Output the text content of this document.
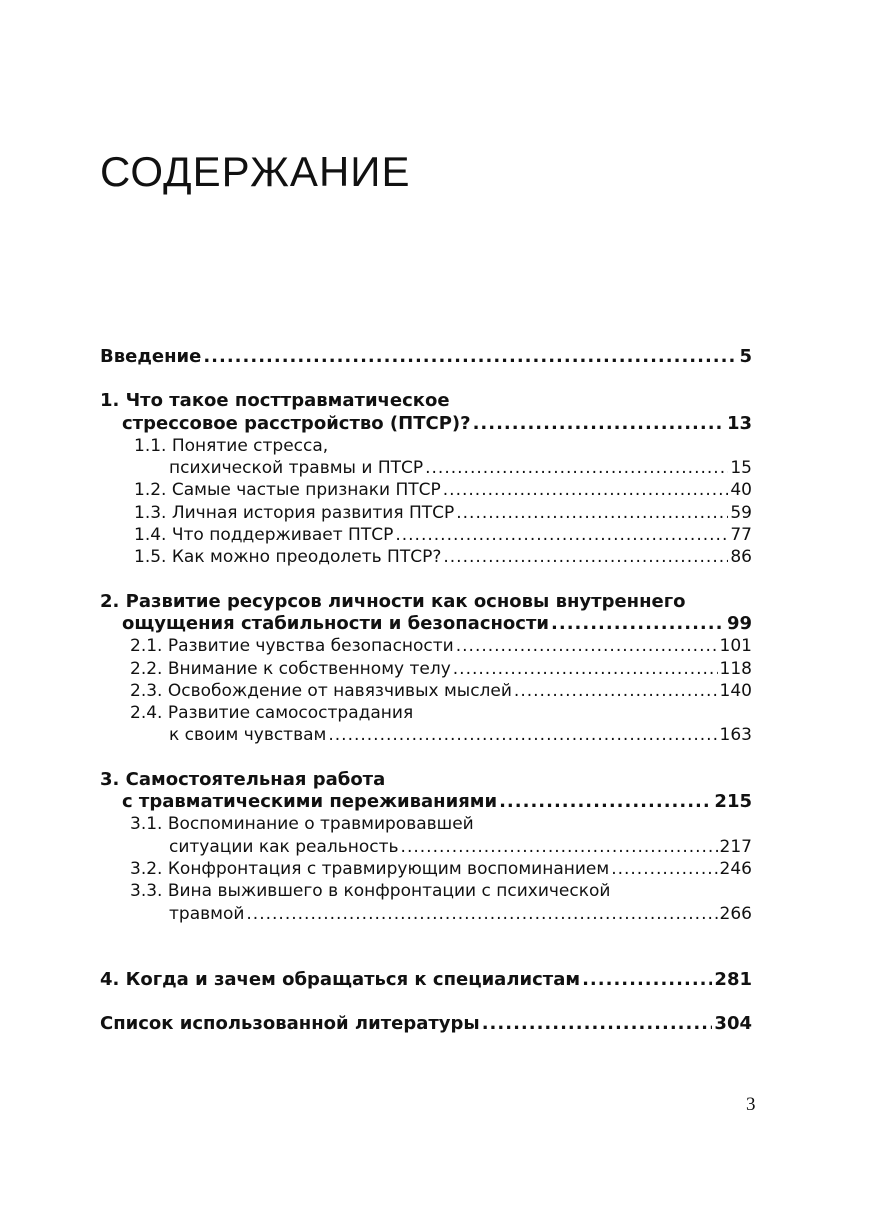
СОДЕРЖАНИЕ
Введение .....	5
1. Что такое посттравматическое
стрессовое расстройство (ПТСР)? .....	13
1.1. Понятие стресса,
психической травмы и ПТСР .....	15
1.2. Самые частые признаки ПТСР .....	40
1.3. Личная история развития ПТСР .....	59
1.4. Что поддерживает ПТСР .....	77
1.5. Как можно преодолеть ПТСР? .....	86
2. Развитие ресурсов личности как основы внутреннего
ощущения стабильности и безопасности .....	99
2.1. Развитие чувства безопасности .....	101
2.2. Внимание к собственному телу .....	118
2.3. Освобождение от навязчивых мыслей .....	140
2.4. Развитие самосострадания
к своим чувствам .....	163
3. Самостоятельная работа
с травматическими переживаниями .....	215
3.1. Воспоминание о травмировавшей
ситуации как реальность .....	217
3.2. Конфронтация с травмирующим воспоминанием .....	246
3.3. Вина выжившего в конфронтации с психической
травмой .....	266
4. Когда и зачем обращаться к специалистам .....	281
Список использованной литературы .....	304
3
